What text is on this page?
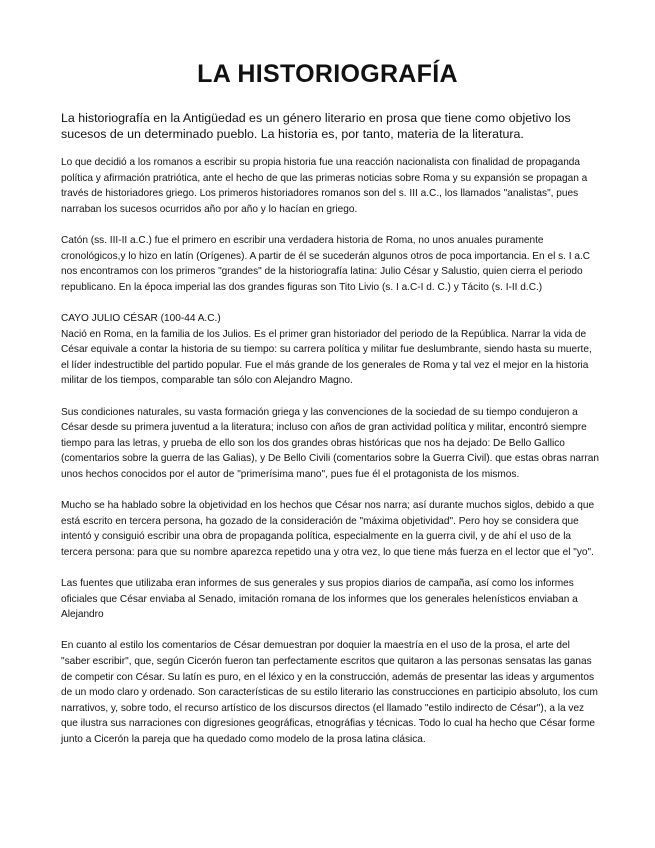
LA HISTORIOGRAFÍA

La historiografía en la Antigüedad es un género literario en prosa que tiene como objetivo los sucesos de un determinado pueblo. La historia es, por tanto, materia de la literatura.

Lo que decidió a los romanos a escribir su propia historia fue una reacción nacionalista con finalidad de propaganda política y afirmación pratriótica, ante el hecho de que las primeras noticias sobre Roma y su expansión se propagan a través de historiadores griego. Los primeros historiadores romanos son del s. III a.C., los llamados "analistas", pues narraban los sucesos ocurridos año por año y lo hacían en griego.

Catón (ss. III-II a.C.) fue el primero en escribir una verdadera historia de Roma, no unos anuales puramente cronológicos,y lo hizo en latín (Orígenes). A partir de él se sucederán algunos otros de poca importancia. En el s. I a.C nos encontramos con los primeros "grandes" de la historiografía latina: Julio César y Salustio, quien cierra el periodo republicano. En la época imperial las dos grandes figuras son Tito Livio (s. I a.C-I d. C.) y Tácito (s. I-II d.C.)

CAYO JULIO CÉSAR (100-44 A.C.)
Nació en Roma, en la familia de los Julios. Es el primer gran historiador del periodo de la República. Narrar la vida de César equivale a contar la historia de su tiempo: su carrera política y militar fue deslumbrante, siendo hasta su muerte, el líder indestructible del partido popular. Fue el más grande de los generales de Roma y tal vez el mejor en la historia militar de los tiempos, comparable tan sólo con Alejandro Magno.

Sus condiciones naturales, su vasta formación griega y las convenciones de la sociedad de su tiempo condujeron a César desde su primera juventud a la literatura; incluso con años de gran actividad política y militar, encontró siempre tiempo para las letras, y prueba de ello son los dos grandes obras históricas que nos ha dejado: De Bello Gallico (comentarios sobre la guerra de las Galias), y De Bello Civili (comentarios sobre la Guerra Civil). que estas obras narran unos hechos conocidos por el autor de "primerísima mano", pues fue él el protagonista de los mismos.

Mucho se ha hablado sobre la objetividad en los hechos que César nos narra; así durante muchos siglos, debido a que está escrito en tercera persona, ha gozado de la consideración de "máxima objetividad". Pero hoy se considera que intentó y consiguió escribir una obra de propaganda política, especialmente en la guerra civil, y de ahí el uso de la tercera persona: para que su nombre aparezca repetido una y otra vez, lo que tiene más fuerza en el lector que el "yo".

Las fuentes que utilizaba eran informes de sus generales y sus propios diarios de campaña, así como los informes oficiales que César enviaba al Senado, imitación romana de los informes que los generales helenísticos enviaban a Alejandro

En cuanto al estilo los comentarios de César demuestran por doquier la maestría en el uso de la prosa, el arte del "saber escribir", que, según Cicerón fueron tan perfectamente escritos que quitaron a las personas sensatas las ganas de competir con César. Su latín es puro, en el léxico y en la construcción, además de presentar las ideas y argumentos de un modo claro y ordenado. Son características de su estilo literario las construcciones en participio absoluto, los cum narrativos, y, sobre todo, el recurso artístico de los discursos directos (el llamado "estilo indirecto de César"), a la vez que ilustra sus narraciones con digresiones geográficas, etnográfias y técnicas. Todo lo cual ha hecho que César forme junto a Cicerón la pareja que ha quedado como modelo de la prosa latina clásica.
